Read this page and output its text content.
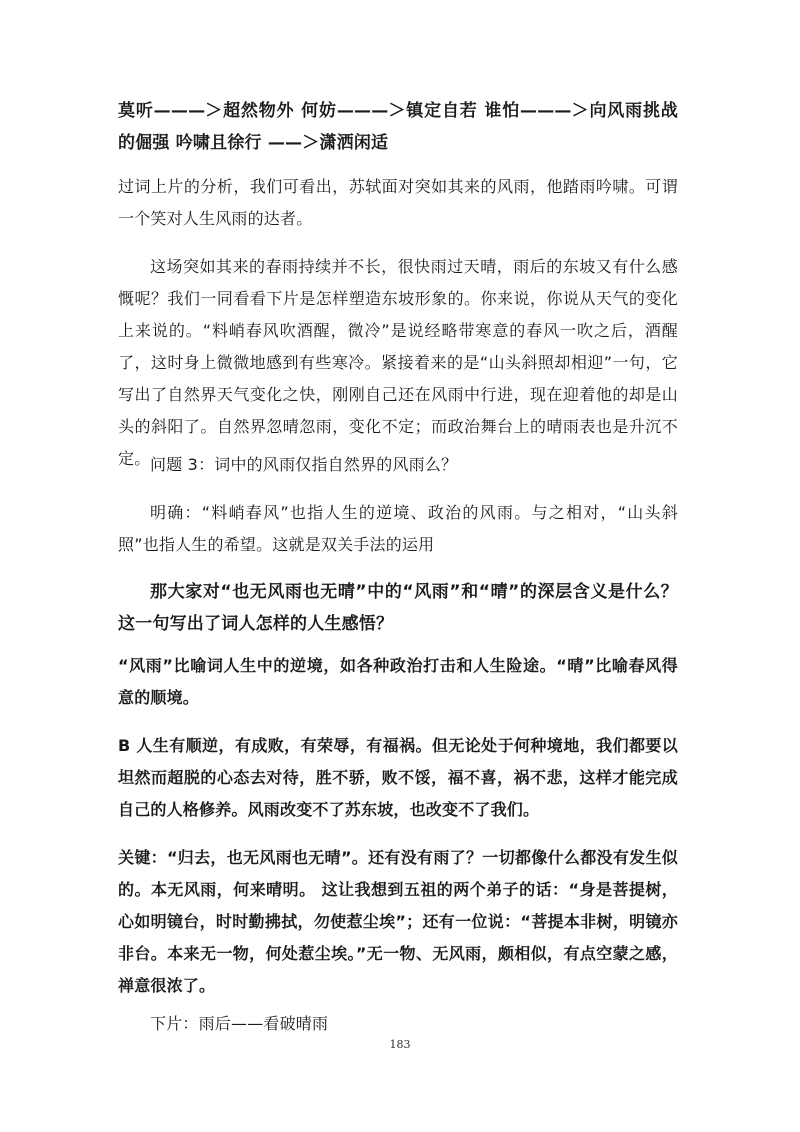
莫听———＞超然物外 何妨———＞镇定自若 谁怕———＞向风雨挑战的倔强 吟啸且徐行 ——＞潇洒闲适

过词上片的分析，我们可看出，苏轼面对突如其来的风雨，他踏雨吟啸。可谓一个笑对人生风雨的达者。

这场突如其来的春雨持续并不长，很快雨过天晴，雨后的东坡又有什么感慨呢？我们一同看看下片是怎样塑造东坡形象的。你来说，你说从天气的变化上来说的。“料峭春风吹酒醒，微冷”是说经略带寒意的春风一吹之后，酒醒了，这时身上微微地感到有些寒冷。紧接着来的是“山头斜照却相迎”一句，它写出了自然界天气变化之快，刚刚自己还在风雨中行进，现在迎着他的却是山头的斜阳了。自然界忽晴忽雨，变化不定；而政治舞台上的晴雨表也是升沉不定。 问题 3：词中的风雨仅指自然界的风雨么？

明确：“料峭春风”也指人生的逆境、政治的风雨。与之相对，“山头斜照”也指人生的希望。这就是双关手法的运用

那大家对“也无风雨也无晴”中的“风雨”和“晴”的深层含义是什么？这一句写出了词人怎样的人生感悟？

“风雨”比喻词人生中的逆境，如各种政治打击和人生险途。“晴”比喻春风得意的顺境。

B 人生有顺逆，有成败，有荣辱，有福祸。但无论处于何种境地，我们都要以坦然而超脱的心态去对待，胜不骄，败不馁，福不喜，祸不悲，这样才能完成自己的人格修养。风雨改变不了苏东坡，也改变不了我们。

关键：“归去，也无风雨也无晴”。还有没有雨了？一切都像什么都没有发生似的。本无风雨，何来晴明。 这让我想到五祖的两个弟子的话：“身是菩提树，心如明镜台，时时勤拂拭，勿使惹尘埃”；还有一位说：“菩提本非树，明镜亦非台。本来无一物，何处惹尘埃。”无一物、无风雨，颇相似，有点空蒙之感，禅意很浓了。

下片：雨后——看破晴雨

183
